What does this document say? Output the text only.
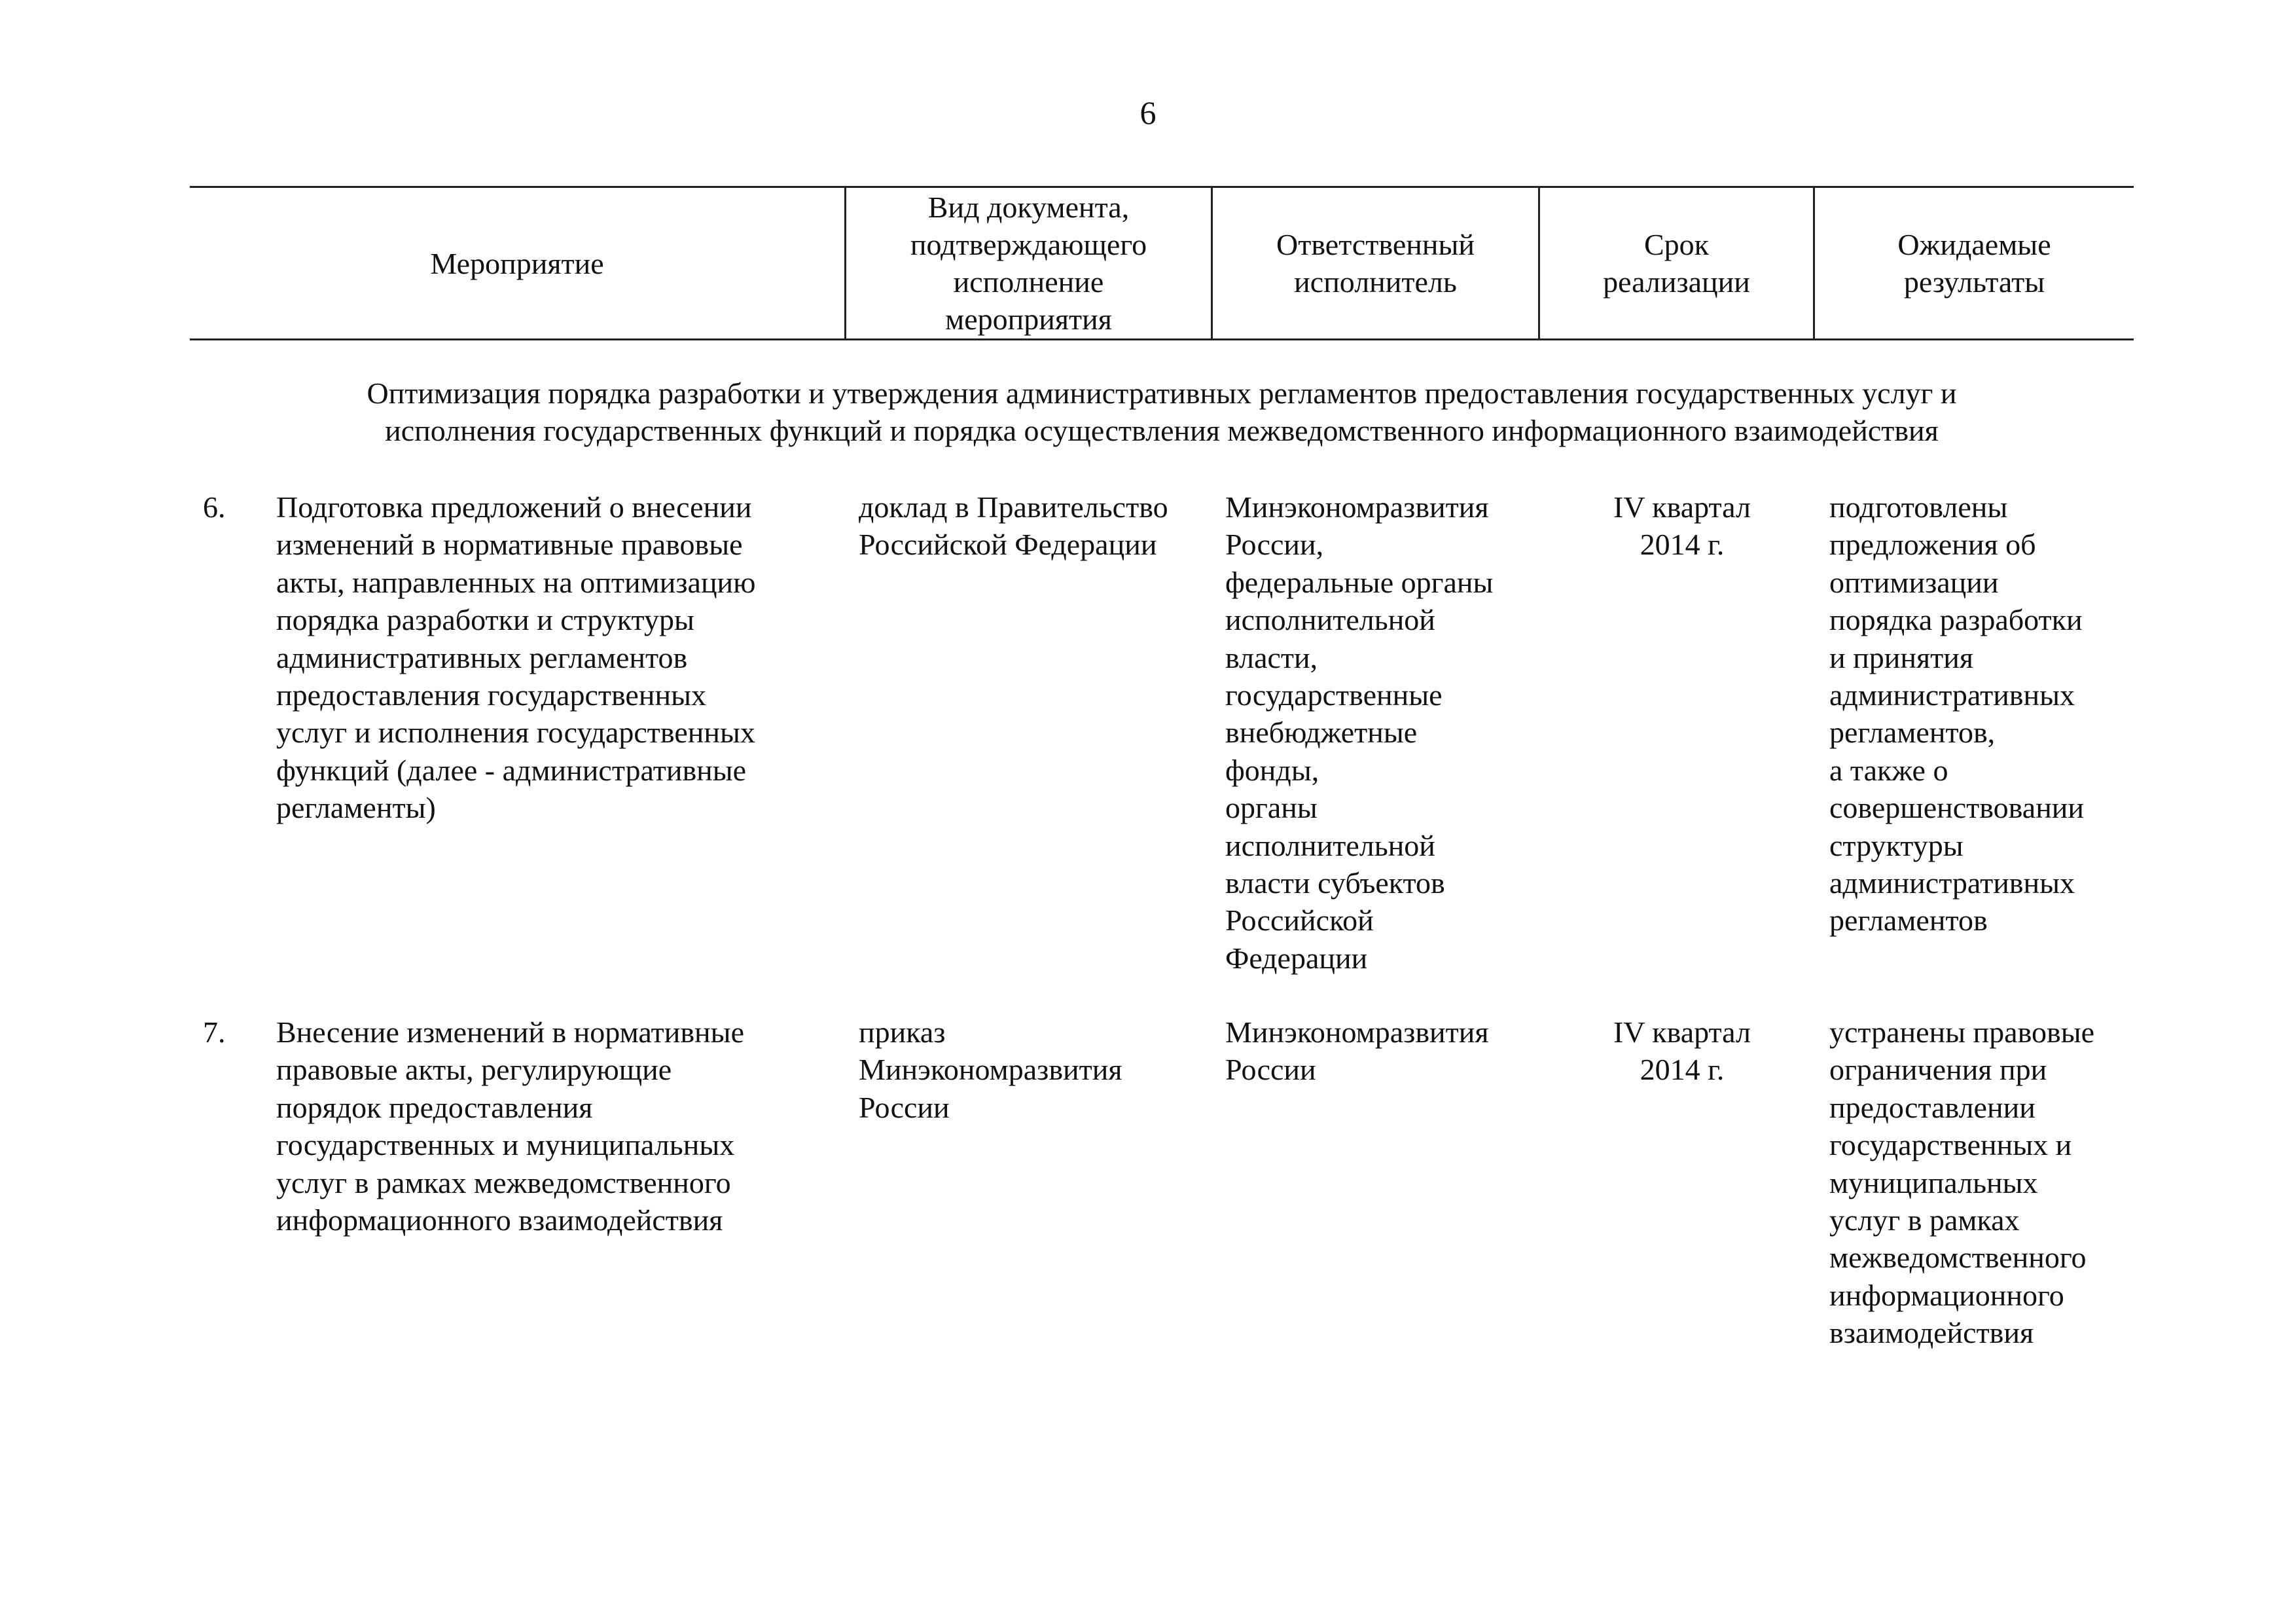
6
Мероприятие
Вид документа,
подтверждающего
исполнение
мероприятия
Ответственный
исполнитель
Срок
реализации
Ожидаемые
результаты
Оптимизация порядка разработки и утверждения административных регламентов предоставления государственных услуг и
исполнения государственных функций и порядка осуществления межведомственного информационного взаимодействия
6.	Подготовка предложений о внесении
изменений в нормативные правовые
акты, направленных на оптимизацию
порядка разработки и структуры
административных регламентов
предоставления государственных
услуг и исполнения государственных
функций (далее - административные
регламенты)
доклад в Правительство
Российской Федерации
Минэкономразвития
России,
федеральные органы
исполнительной
власти,
государственные
внебюджетные
фонды,
органы
исполнительной
власти субъектов
Российской
Федерации
IV квартал
2014 г.
подготовлены
предложения об
оптимизации
порядка разработки
и принятия
административных
регламентов,
а также о
совершенствовании
структуры
административных
регламентов
7.	Внесение изменений в нормативные
правовые акты, регулирующие
порядок предоставления
государственных и муниципальных
услуг в рамках межведомственного
информационного взаимодействия
приказ
Минэкономразвития
России
Минэкономразвития
России
IV квартал
2014 г.
устранены правовые
ограничения при
предоставлении
государственных и
муниципальных
услуг в рамках
межведомственного
информационного
взаимодействия
